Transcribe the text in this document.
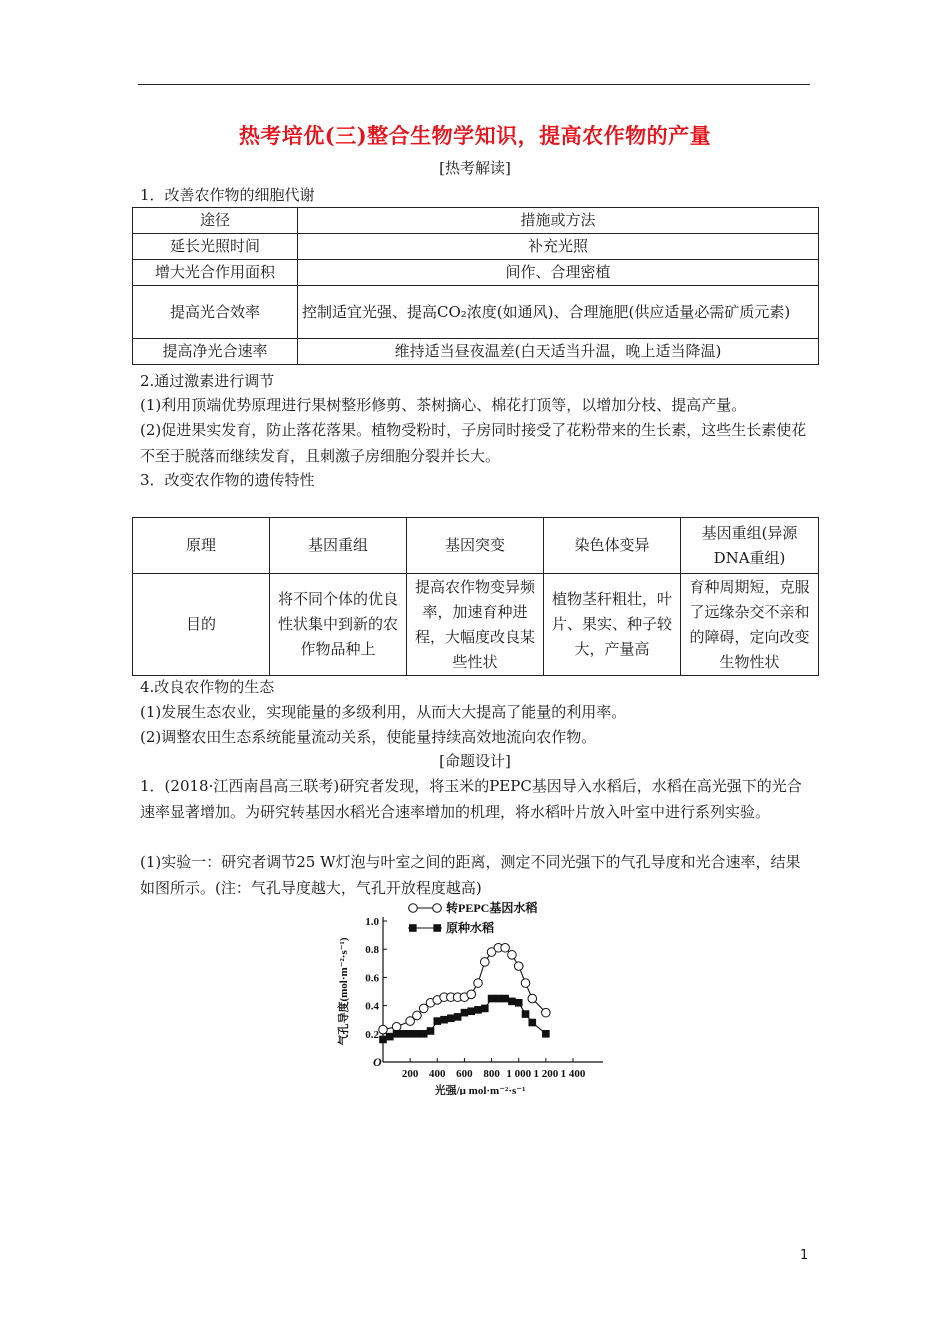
热考培优(三)整合生物学知识，提高农作物的产量
[热考解读]

1．改善农作物的细胞代谢

途径	措施或方法
延长光照时间	补充光照
增大光合作用面积	间作、合理密植
提高光合效率	控制适宜光强、提高CO₂浓度(如通风)、合理施肥(供应适量必需矿质元素)
提高净光合速率	维持适当昼夜温差(白天适当升温，晚上适当降温)

2.通过激素进行调节

(1)利用顶端优势原理进行果树整形修剪、茶树摘心、棉花打顶等，以增加分枝、提高产量。

(2)促进果实发育，防止落花落果。植物受粉时，子房同时接受了花粉带来的生长素，这些生长素使花不至于脱落而继续发育，且刺激子房细胞分裂并长大。

3．改变农作物的遗传特性

原理	基因重组	基因突变	染色体变异	基因重组(异源DNA重组)
目的	将不同个体的优良性状集中到新的农作物品种上	提高农作物变异频率，加速育种进程，大幅度改良某些性状	植物茎秆粗壮，叶片、果实、种子较大，产量高	育种周期短，克服了远缘杂交不亲和的障碍，定向改变生物性状

4.改良农作物的生态

(1)发展生态农业，实现能量的多级利用，从而大大提高了能量的利用率。

(2)调整农田生态系统能量流动关系，使能量持续高效地流向农作物。

[命题设计]

1．(2018·江西南昌高三联考)研究者发现，将玉米的PEPC基因导入水稻后，水稻在高光强下的光合速率显著增加。为研究转基因水稻光合速率增加的机理，将水稻叶片放入叶室中进行系列实验。

(1)实验一：研究者调节25 W灯泡与叶室之间的距离，测定不同光强下的气孔导度和光合速率，结果如图所示。(注：气孔导度越大，气孔开放程度越高)

0.2
0.4
0.6
0.8
1.0
200 400 600 800 1 000 1 200 1 400
O
光强/μ mol·m⁻²·s⁻¹
气孔导度(mol·m⁻²·s⁻¹)
转PEPC基因水稻
原种水稻
1
